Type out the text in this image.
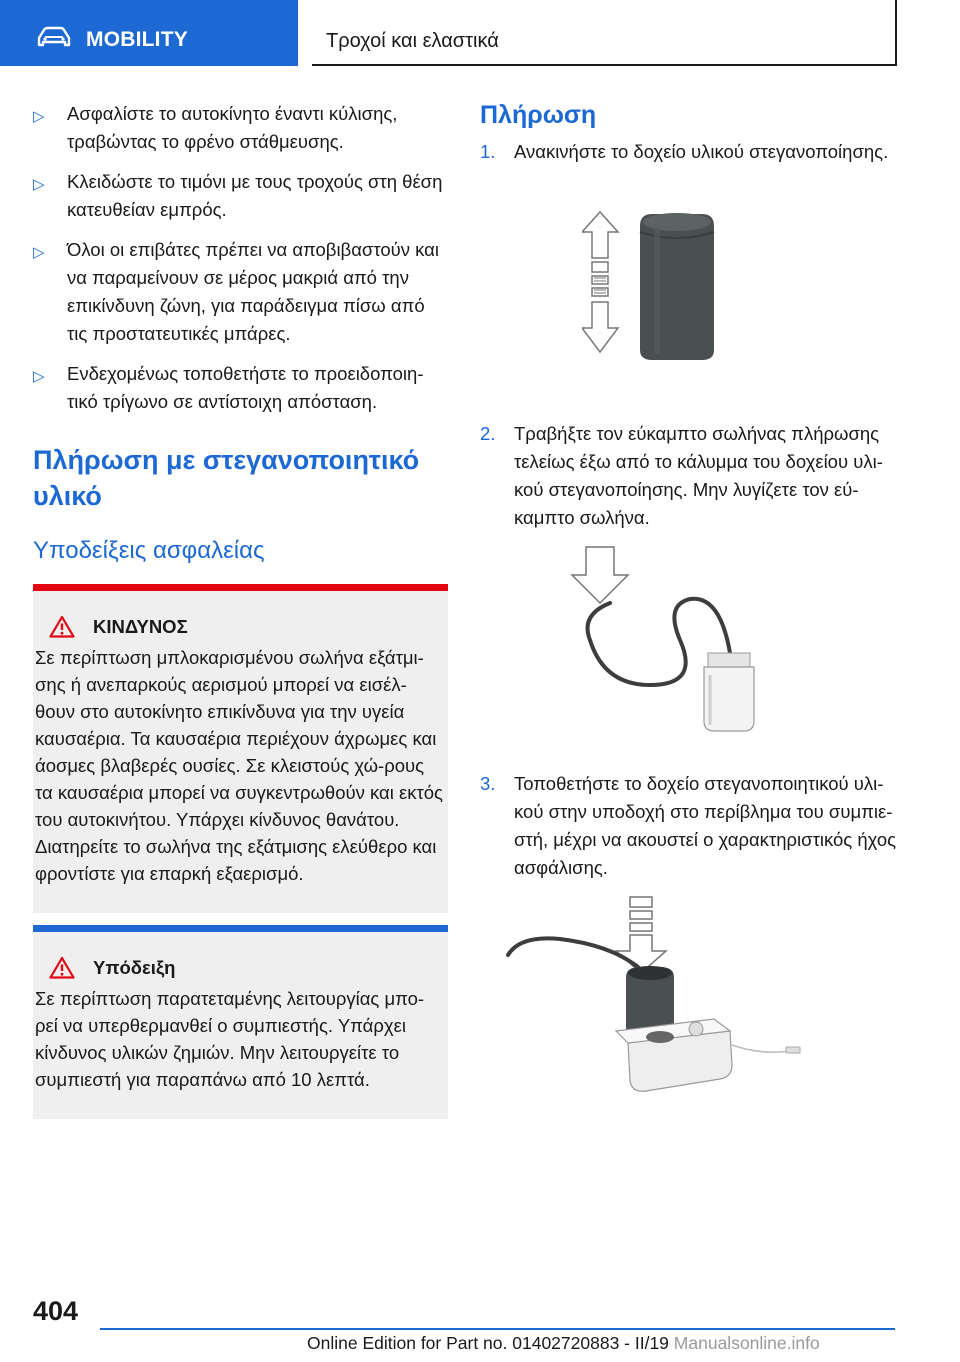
MOBILITY	Τροχοί και ελαστικά
▷ Ασφαλίστε το αυτοκίνητο έναντι κύλισης, τραβώντας το φρένο στάθμευσης.
▷ Κλειδώστε το τιμόνι με τους τροχούς στη θέση κατευθείαν εμπρός.
▷ Όλοι οι επιβάτες πρέπει να αποβιβαστούν και να παραμείνουν σε μέρος μακριά από την επικίνδυνη ζώνη, για παράδειγμα πίσω από τις προστατευτικές μπάρες.
▷ Ενδεχομένως τοποθετήστε το προειδοποιη-τικό τρίγωνο σε αντίστοιχη απόσταση.
Πλήρωση με στεγανοποιητικό υλικό
Υποδείξεις ασφαλείας
ΚΙΝΔΥΝΟΣ

Σε περίπτωση μπλοκαρισμένου σωλήνα εξάτμι-σης ή ανεπαρκούς αερισμού μπορεί να εισέλ-θουν στο αυτοκίνητο επικίνδυνα για την υγεία καυσαέρια. Τα καυσαέρια περιέχουν άχρωμες και άοσμες βλαβερές ουσίες. Σε κλειστούς χώ-ρους τα καυσαέρια μπορεί να συγκεντρωθούν και εκτός του αυτοκινήτου. Υπάρχει κίνδυνος θανάτου. Διατηρείτε το σωλήνα της εξάτμισης ελεύθερο και φροντίστε για επαρκή εξαερισμό.

Υπόδειξη

Σε περίπτωση παρατεταμένης λειτουργίας μπο-ρεί να υπερθερμανθεί ο συμπιεστής. Υπάρχει κίνδυνος υλικών ζημιών. Μην λειτουργείτε το συμπιεστή για παραπάνω από 10 λεπτά.

Πλήρωση
1. Ανακινήστε το δοχείο υλικού στεγανοποίησης.
2. Τραβήξτε τον εύκαμπτο σωλήνας πλήρωσης τελείως έξω από το κάλυμμα του δοχείου υλι-κού στεγανοποίησης. Μην λυγίζετε τον εύ-καμπτο σωλήνα.
3. Τοποθετήστε το δοχείο στεγανοποιητικού υλι-κού στην υποδοχή στο περίβλημα του συμπιε-στή, μέχρι να ακουστεί ο χαρακτηριστικός ήχος ασφάλισης.
404
Online Edition for Part no. 01402720883 - II/19 Manualsonline.info
